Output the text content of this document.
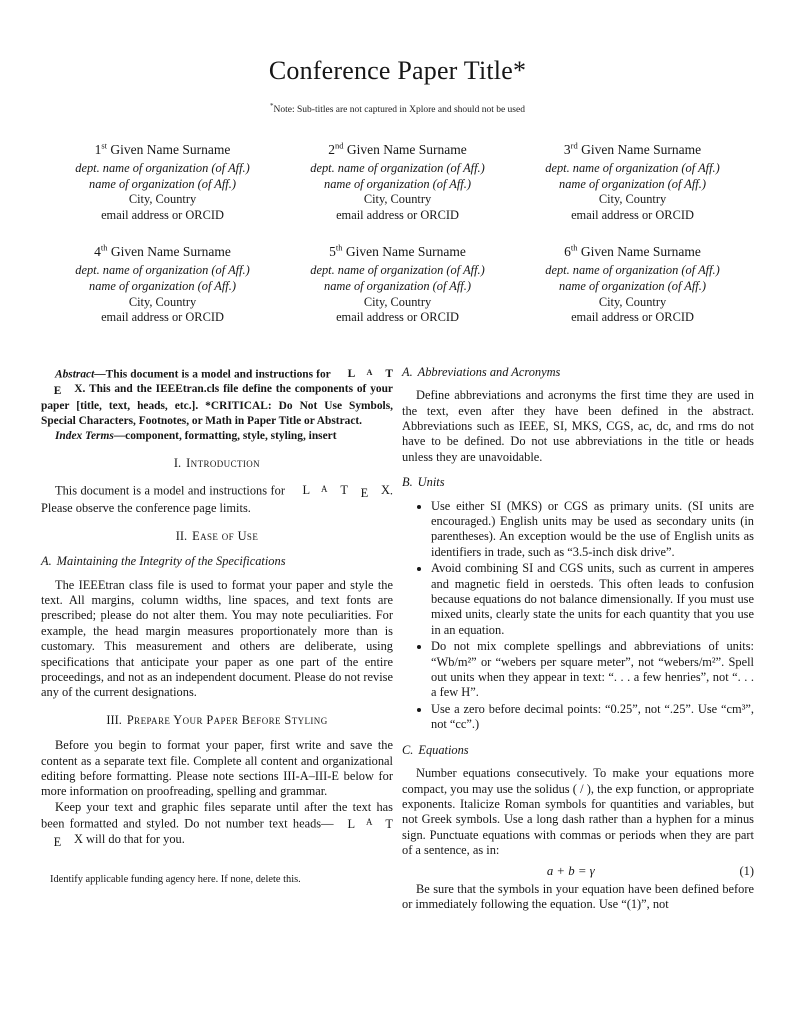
Conference Paper Title*
*Note: Sub-titles are not captured in Xplore and should not be used
1st Given Name Surname
dept. name of organization (of Aff.)
name of organization (of Aff.)
City, Country
email address or ORCID
2nd Given Name Surname
dept. name of organization (of Aff.)
name of organization (of Aff.)
City, Country
email address or ORCID
3rd Given Name Surname
dept. name of organization (of Aff.)
name of organization (of Aff.)
City, Country
email address or ORCID
4th Given Name Surname
dept. name of organization (of Aff.)
name of organization (of Aff.)
City, Country
email address or ORCID
5th Given Name Surname
dept. name of organization (of Aff.)
name of organization (of Aff.)
City, Country
email address or ORCID
6th Given Name Surname
dept. name of organization (of Aff.)
name of organization (of Aff.)
City, Country
email address or ORCID

Abstract—This document is a model and instructions for L A TE X. This and the IEEEtran.cls file define the components of your paper [title, text, heads, etc.]. *CRITICAL: Do Not Use Symbols, Special Characters, Footnotes, or Math in Paper Title or Abstract.

Index Terms—component, formatting, style, styling, insert

I. Introduction

This document is a model and instructions for L A T E X. Please observe the conference page limits.

II. Ease of Use
A. Maintaining the Integrity of the Specifications

The IEEEtran class file is used to format your paper and style the text. All margins, column widths, line spaces, and text fonts are prescribed; please do not alter them. You may note peculiarities. For example, the head margin measures proportionately more than is customary. This measurement and others are deliberate, using specifications that anticipate your paper as one part of the entire proceedings, and not as an independent document. Please do not revise any of the current designations.

III. Prepare Your Paper Before Styling

Before you begin to format your paper, first write and save the content as a separate text file. Complete all content and organizational editing before formatting. Please note sections III-A–III-E below for more information on proofreading, spelling and grammar.

Keep your text and graphic files separate until after the text has been formatted and styled. Do not number text heads— L A TE X will do that for you.

Identify applicable funding agency here. If none, delete this.
A. Abbreviations and Acronyms

Define abbreviations and acronyms the first time they are used in the text, even after they have been defined in the abstract. Abbreviations such as IEEE, SI, MKS, CGS, ac, dc, and rms do not have to be defined. Do not use abbreviations in the title or heads unless they are unavoidable.

B. Units
• Use either SI (MKS) or CGS as primary units. (SI units are encouraged.) English units may be used as secondary units (in parentheses). An exception would be the use of English units as identifiers in trade, such as “3.5-inch disk drive”.
• Avoid combining SI and CGS units, such as current in amperes and magnetic field in oersteds. This often leads to confusion because equations do not balance dimensionally. If you must use mixed units, clearly state the units for each quantity that you use in an equation.
• Do not mix complete spellings and abbreviations of units: “Wb/m²” or “webers per square meter”, not “webers/m²”. Spell out units when they appear in text: “. . . a few henries”, not “. . . a few H”.
• Use a zero before decimal points: “0.25”, not “.25”. Use “cm³”, not “cc”.)
C. Equations

Number equations consecutively. To make your equations more compact, you may use the solidus ( / ), the exp function, or appropriate exponents. Italicize Roman symbols for quantities and variables, but not Greek symbols. Use a long dash rather than a hyphen for a minus sign. Punctuate equations with commas or periods when they are part of a sentence, as in:

a + b = γ	(1)

Be sure that the symbols in your equation have been defined before or immediately following the equation. Use “(1)”, not
